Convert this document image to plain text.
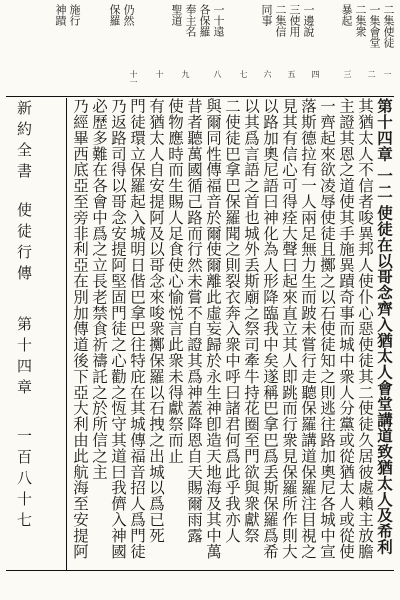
二集使徒
一集會堂
二集衆
暴起
一邊說
三使用
二集信
同事
一十遠
各保羅
奉主名
聖道
仍然
保羅
施行
神蹟
一
二
三
四
五
六
七
八
九
十
十一
第十四章 一二 使徒在以哥念齊入猶太人會堂講道致猶太人及希利
其猶太人不信者唆異邦人使仆心惡使徒其二使徒久居彼處賴主放膽
主證其恩之道使其手施異蹟奇事而城中衆人分黨或從猶太人或從使
一齊起來欲凌辱使徒且擲之以石使徒知之則逃往路加奧尼各城中宣
落斯德拉有一人兩足無力生而跛未嘗行走聽保羅講道保羅注目視之
見其有信心可得痊大聲曰起來直立其人即跳而行衆見保羅所作則大
以路加奧尼語曰神化為人形降臨我中矣遂稱巴拿巴爲丢斯保羅爲希
以其爲言語之首也城外丢斯廟之祭司牽牛持花圈至門欲與衆獻祭
二使徒巴拿巴保羅聞之則裂衣奔入衆中呼曰諸君何爲此乎我亦人
與爾同性傳福音於爾使爾離此虛妄歸於永生神卽造天地海及其中萬
昔者聽萬國循己路而行然未嘗不自證其爲神蓋降恩自天賜爾雨露
使物應時而生賜人足食使心愉悦言此衆未得獻祭而止
有猶太人自安提阿及以哥念來唆衆擲保羅以石拽之出城以爲已死
門徒環立保羅起入城明日偕巴拿巴往特庇在其城傳福音招人爲門徒
乃返路司得以哥念安提阿堅固門徒之心勸之恆守其道曰我儕入神國
必歷多難在各會中爲之立長老禁食祈禱託之於所信之主
乃經畢西底亞至旁非利亞在別加傳道後下亞大利由此航海至安提阿
新約全書
使徒行傳
第十四章
一百八十七
